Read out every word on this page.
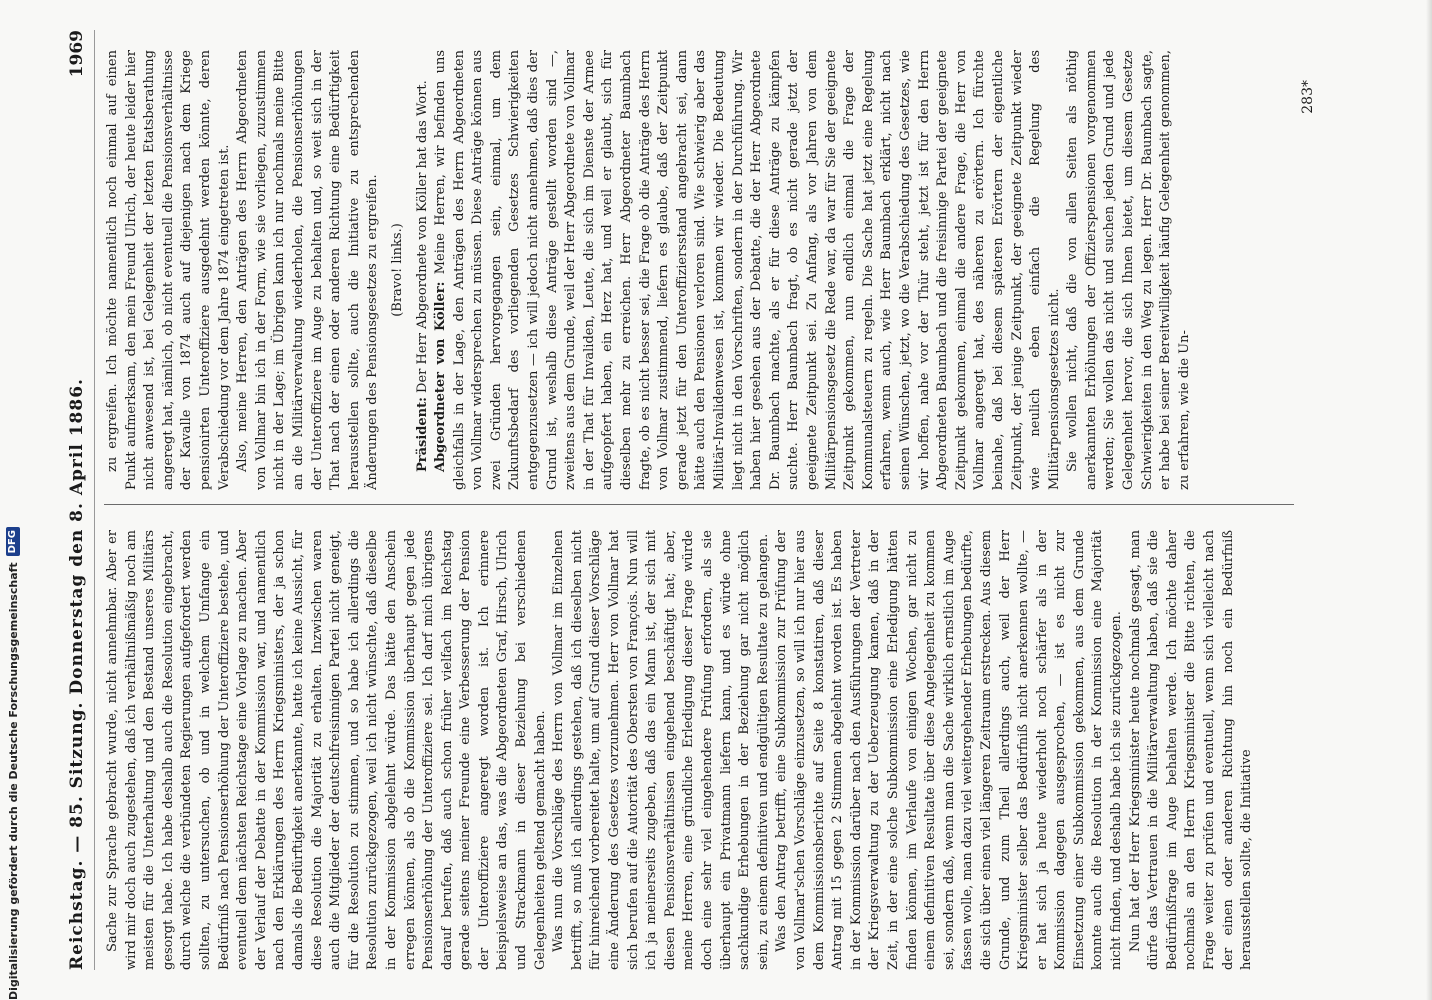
Reichstag. — 85. Sitzung. Donnerstag den 8. April 1886.
1969

Sache zur Sprache gebracht wurde, nicht annehmbar. Aber er wird mir doch auch zugestehen, daß ich verhältnißmäßig noch am meisten für die Unterhaltung und den Bestand unseres Militärs gesorgt habe. Ich habe deshalb auch die Resolution eingebracht, durch welche die verbündeten Regierungen aufgefordert werden sollten, zu untersuchen, ob und in welchem Umfange ein Bedürfniß nach Pensionserhöhung der Unteroffiziere bestehe, und eventuell dem nächsten Reichstage eine Vorlage zu machen. Aber der Verlauf der Debatte in der Kommission war, und namentlich nach den Erklärungen des Herrn Kriegsministers, der ja schon damals die Bedürftigkeit anerkannte, hatte ich keine Aussicht, für diese Resolution die Majorität zu erhalten. Inzwischen waren auch die Mitglieder der deutschfreisinnigen Partei nicht geneigt, für die Resolution zu stimmen, und so habe ich allerdings die Resolution zurückgezogen, weil ich nicht wünschte, daß dieselbe in der Kommission abgelehnt würde. Das hätte den Anschein erregen können, als ob die Kommission überhaupt gegen jede Pensionserhöhung der Unteroffiziere sei. Ich darf mich übrigens darauf berufen, daß auch schon früher vielfach im Reichstag gerade seitens meiner Freunde eine Verbesserung der Pension der Unteroffiziere angeregt worden ist. Ich erinnere beispielsweise an das, was die Abgeordneten Graf, Hirsch, Ulrich und Strackmann in dieser Beziehung bei verschiedenen Gelegenheiten geltend gemacht haben. Was nun die Vorschläge des Herrn von Vollmar im Einzelnen betrifft, so muß ich allerdings gestehen, daß ich dieselben nicht für hinreichend vorbereitet halte, um auf Grund dieser Vorschläge eine Änderung des Gesetzes vorzunehmen. Herr von Vollmar hat sich berufen auf die Autorität des Obersten von François. Nun will ich ja meinerseits zugeben, daß das ein Mann ist, der sich mit diesen Pensionsverhältnissen eingehend beschäftigt hat; aber, meine Herren, eine gründliche Erledigung dieser Frage würde doch eine sehr viel eingehendere Prüfung erfordern, als sie überhaupt ein Privatmann liefern kann, und es würde ohne sachkundige Erhebungen in der Beziehung gar nicht möglich sein, zu einem definitiven und endgültigen Resultate zu gelangen. Was den Antrag betrifft, eine Subkommission zur Prüfung der von Vollmar'schen Vorschläge einzusetzen, so will ich nur hier aus dem Kommissionsberichte auf Seite 8 konstatiren, daß dieser Antrag mit 15 gegen 2 Stimmen abgelehnt worden ist. Es haben in der Kommission darüber nach den Ausführungen der Vertreter der Kriegsverwaltung zu der Ueberzeugung kamen, daß in der Zeit, in der eine solche Subkommission eine Erledigung hätten finden können, im Verlaufe von einigen Wochen, gar nicht zu einem definitiven Resultate über diese Angelegenheit zu kommen sei, sondern daß, wenn man die Sache wirklich ernstlich im Auge fassen wolle, man dazu viel weitergehender Erhebungen bedürfte, die sich über einen viel längeren Zeitraum erstrecken. Aus diesem Grunde, und zum Theil allerdings auch, weil der Herr Kriegsminister selber das Bedürfniß nicht anerkennen wollte, — er hat sich ja heute wiederholt noch schärfer als in der Kommission dagegen ausgesprochen, — ist es nicht zur Einsetzung einer Subkommission gekommen, aus dem Grunde konnte auch die Resolution in der Kommission eine Majorität nicht finden, und deshalb habe ich sie zurückgezogen. Nun hat der Herr Kriegsminister heute nochmals gesagt, man dürfe das Vertrauen in die Militärverwaltung haben, daß sie die Bedürfnißfrage im Auge behalten werde. Ich möchte daher nochmals an den Herrn Kriegsminister die Bitte richten, die Frage weiter zu prüfen und eventuell, wenn sich vielleicht nach der einen oder anderen Richtung hin noch ein Bedürfniß herausstellen sollte, die Initiative

zu ergreifen. Ich möchte namentlich noch einmal auf einen Punkt aufmerksam, den mein Freund Ulrich, der heute leider hier nicht anwesend ist, bei Gelegenheit der letzten Etatsberathung angeregt hat, nämlich, ob nicht eventuell die Pensionsverhältnisse der Kavalle von 1874 auch auf diejenigen nach dem Kriege pensionirten Unteroffiziere ausgedehnt werden könnte, deren Verabschiedung vor dem Jahre 1874 eingetreten ist. Also, meine Herren, den Anträgen des Herrn Abgeordneten von Vollmar bin ich in der Form, wie sie vorliegen, zuzustimmen nicht in der Lage; im Übrigen kann ich nur nochmals meine Bitte an die Militärverwaltung wiederholen, die Pensionserhöhungen der Unteroffiziere im Auge zu behalten und, so weit sich in der That nach der einen oder anderen Richtung eine Bedürftigkeit herausstellen sollte, auch die Initiative zu entsprechenden Änderungen des Pensionsgesetzes zu ergreifen. (Bravo! links.)

Präsident: Der Herr Abgeordnete von Köller hat das Wort. Abgeordneter von Köller: Meine Herren, wir befinden uns gleichfalls in der Lage, den Anträgen des Herrn Abgeordneten von Vollmar widersprechen zu müssen. Diese Anträge können aus zwei Gründen hervorgegangen sein, einmal, um dem Zukunftsbedarf des vorliegenden Gesetzes Schwierigkeiten entgegenzusetzen — ich will jedoch nicht annehmen, daß dies der Grund ist, weshalb diese Anträge gestellt worden sind —, zweitens aus dem Grunde, weil der Herr Abgeordnete von Vollmar in der That für Invaliden, Leute, die sich im Dienste der Armee aufgeopfert haben, ein Herz hat, und weil er glaubt, sich für dieselben mehr zu erreichen. Herr Abgeordneter Baumbach fragte, ob es nicht besser sei, die Frage ob die Anträge des Herrn von Vollmar zustimmend, liefern es glaube, daß der Zeitpunkt gerade jetzt für den Unteroffiziersstand angebracht sei, dann hätte auch den Pensionen verloren sind. Wie schwierig aber das Militär-Invalidenwesen ist, kommen wir wieder. Die Bedeutung liegt nicht in den Vorschriften, sondern in der Durchführung. Wir haben hier gesehen aus der Debatte, die der Herr Abgeordnete Dr. Baumbach machte, als er für diese Anträge zu kämpfen suchte. Herr Baumbach fragt, ob es nicht gerade jetzt der geeignete Zeitpunkt sei. Zu Anfang, als vor Jahren von dem Militärpensionsgesetz die Rede war, da war für Sie der geeignete Zeitpunkt gekommen, nun endlich einmal die Frage der Kommunalsteuern zu regeln. Die Sache hat jetzt eine Regelung erfahren, wenn auch, wie Herr Baumbach erklärt, nicht nach seinen Wünschen, jetzt, wo die Verabschiedung des Gesetzes, wie wir hoffen, nahe vor der Thür steht, jetzt ist für den Herrn Abgeordneten Baumbach und die freisinnige Partei der geeignete Zeitpunkt gekommen, einmal die andere Frage, die Herr von Vollmar angeregt hat, des näheren zu erörtern. Ich fürchte beinahe, daß bei diesem späteren Erörtern der eigentliche Zeitpunkt, der jenige Zeitpunkt, der geeignete Zeitpunkt wieder wie neulich eben einfach die Regelung des Militärpensionsgesetzes nicht. Sie wollen nicht, daß die von allen Seiten als nöthig anerkannten Erhöhungen der Offizierspensionen vorgenommen werden; Sie wollen das nicht und suchen jeden Grund und jede Gelegenheit hervor, die sich Ihnen bietet, um diesem Gesetze Schwierigkeiten in den Weg zu legen. Herr Dr. Baumbach sagte, er habe bei seiner Bereitwilligkeit häufig Gelegenheit genommen, zu erfahren, wie die Un-

283*
Digitalisierung gefördert durch die Deutsche Forschungsgemeinschaft
DFG
